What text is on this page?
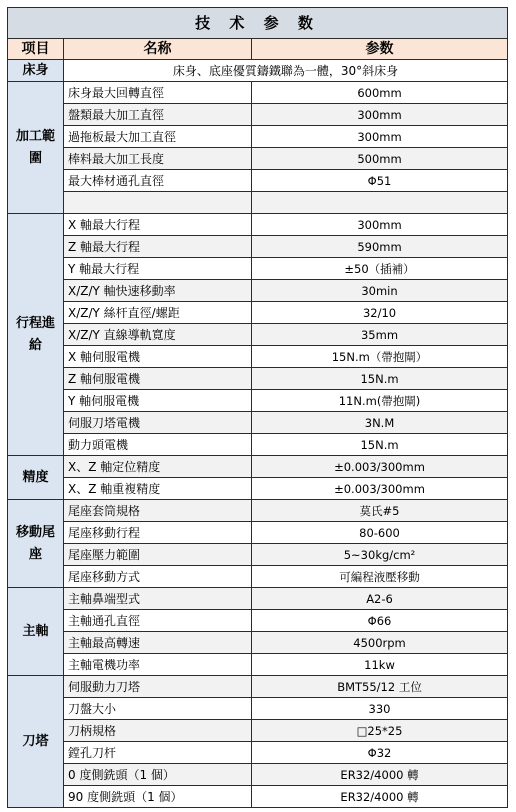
技 术 参 数		
项目	名称	参数
床身	床身、底座優質鑄鐵聯為一體，30°斜床身	
加工範圍	床身最大回轉直徑	600mm
	盤類最大加工直徑	300mm
	過拖板最大加工直徑	300mm
	棒料最大加工長度	500mm
	最大棒材通孔直徑	Φ51

行程進給	X 軸最大行程	300mm
	Z 軸最大行程	590mm
	Y 軸最大行程	±50（插補）
	X/Z/Y 軸快速移動率	30min
	X/Z/Y 絲杆直徑/螺距	32/10
	X/Z/Y 直線導軌寬度	35mm
	X 軸伺服電機	15N.m（帶抱閘）
	Z 軸伺服電機	15N.m
	Y 軸伺服電機	11N.m(帶抱閘)
	伺服刀塔電機	3N.M
	動力頭電機	15N.m
精度	X、Z 軸定位精度	±0.003/300mm
	X、Z 軸重複精度	±0.003/300mm
移動尾座	尾座套筒規格	莫氏#5
	尾座移動行程	80-600
	尾座壓力範圍	5~30kg/cm²
	尾座移動方式	可編程液壓移動
主軸	主軸鼻端型式	A2-6
	主軸通孔直徑	Φ66
	主軸最高轉速	4500rpm
	主軸電機功率	11kw
刀塔	伺服動力刀塔	BMT55/12 工位
	刀盤大小	330
	刀柄規格	□25*25
	鏜孔刀杆	Φ32
	0 度側銑頭（1 個）	ER32/4000 轉
	90 度側銑頭（1 個）	ER32/4000 轉
